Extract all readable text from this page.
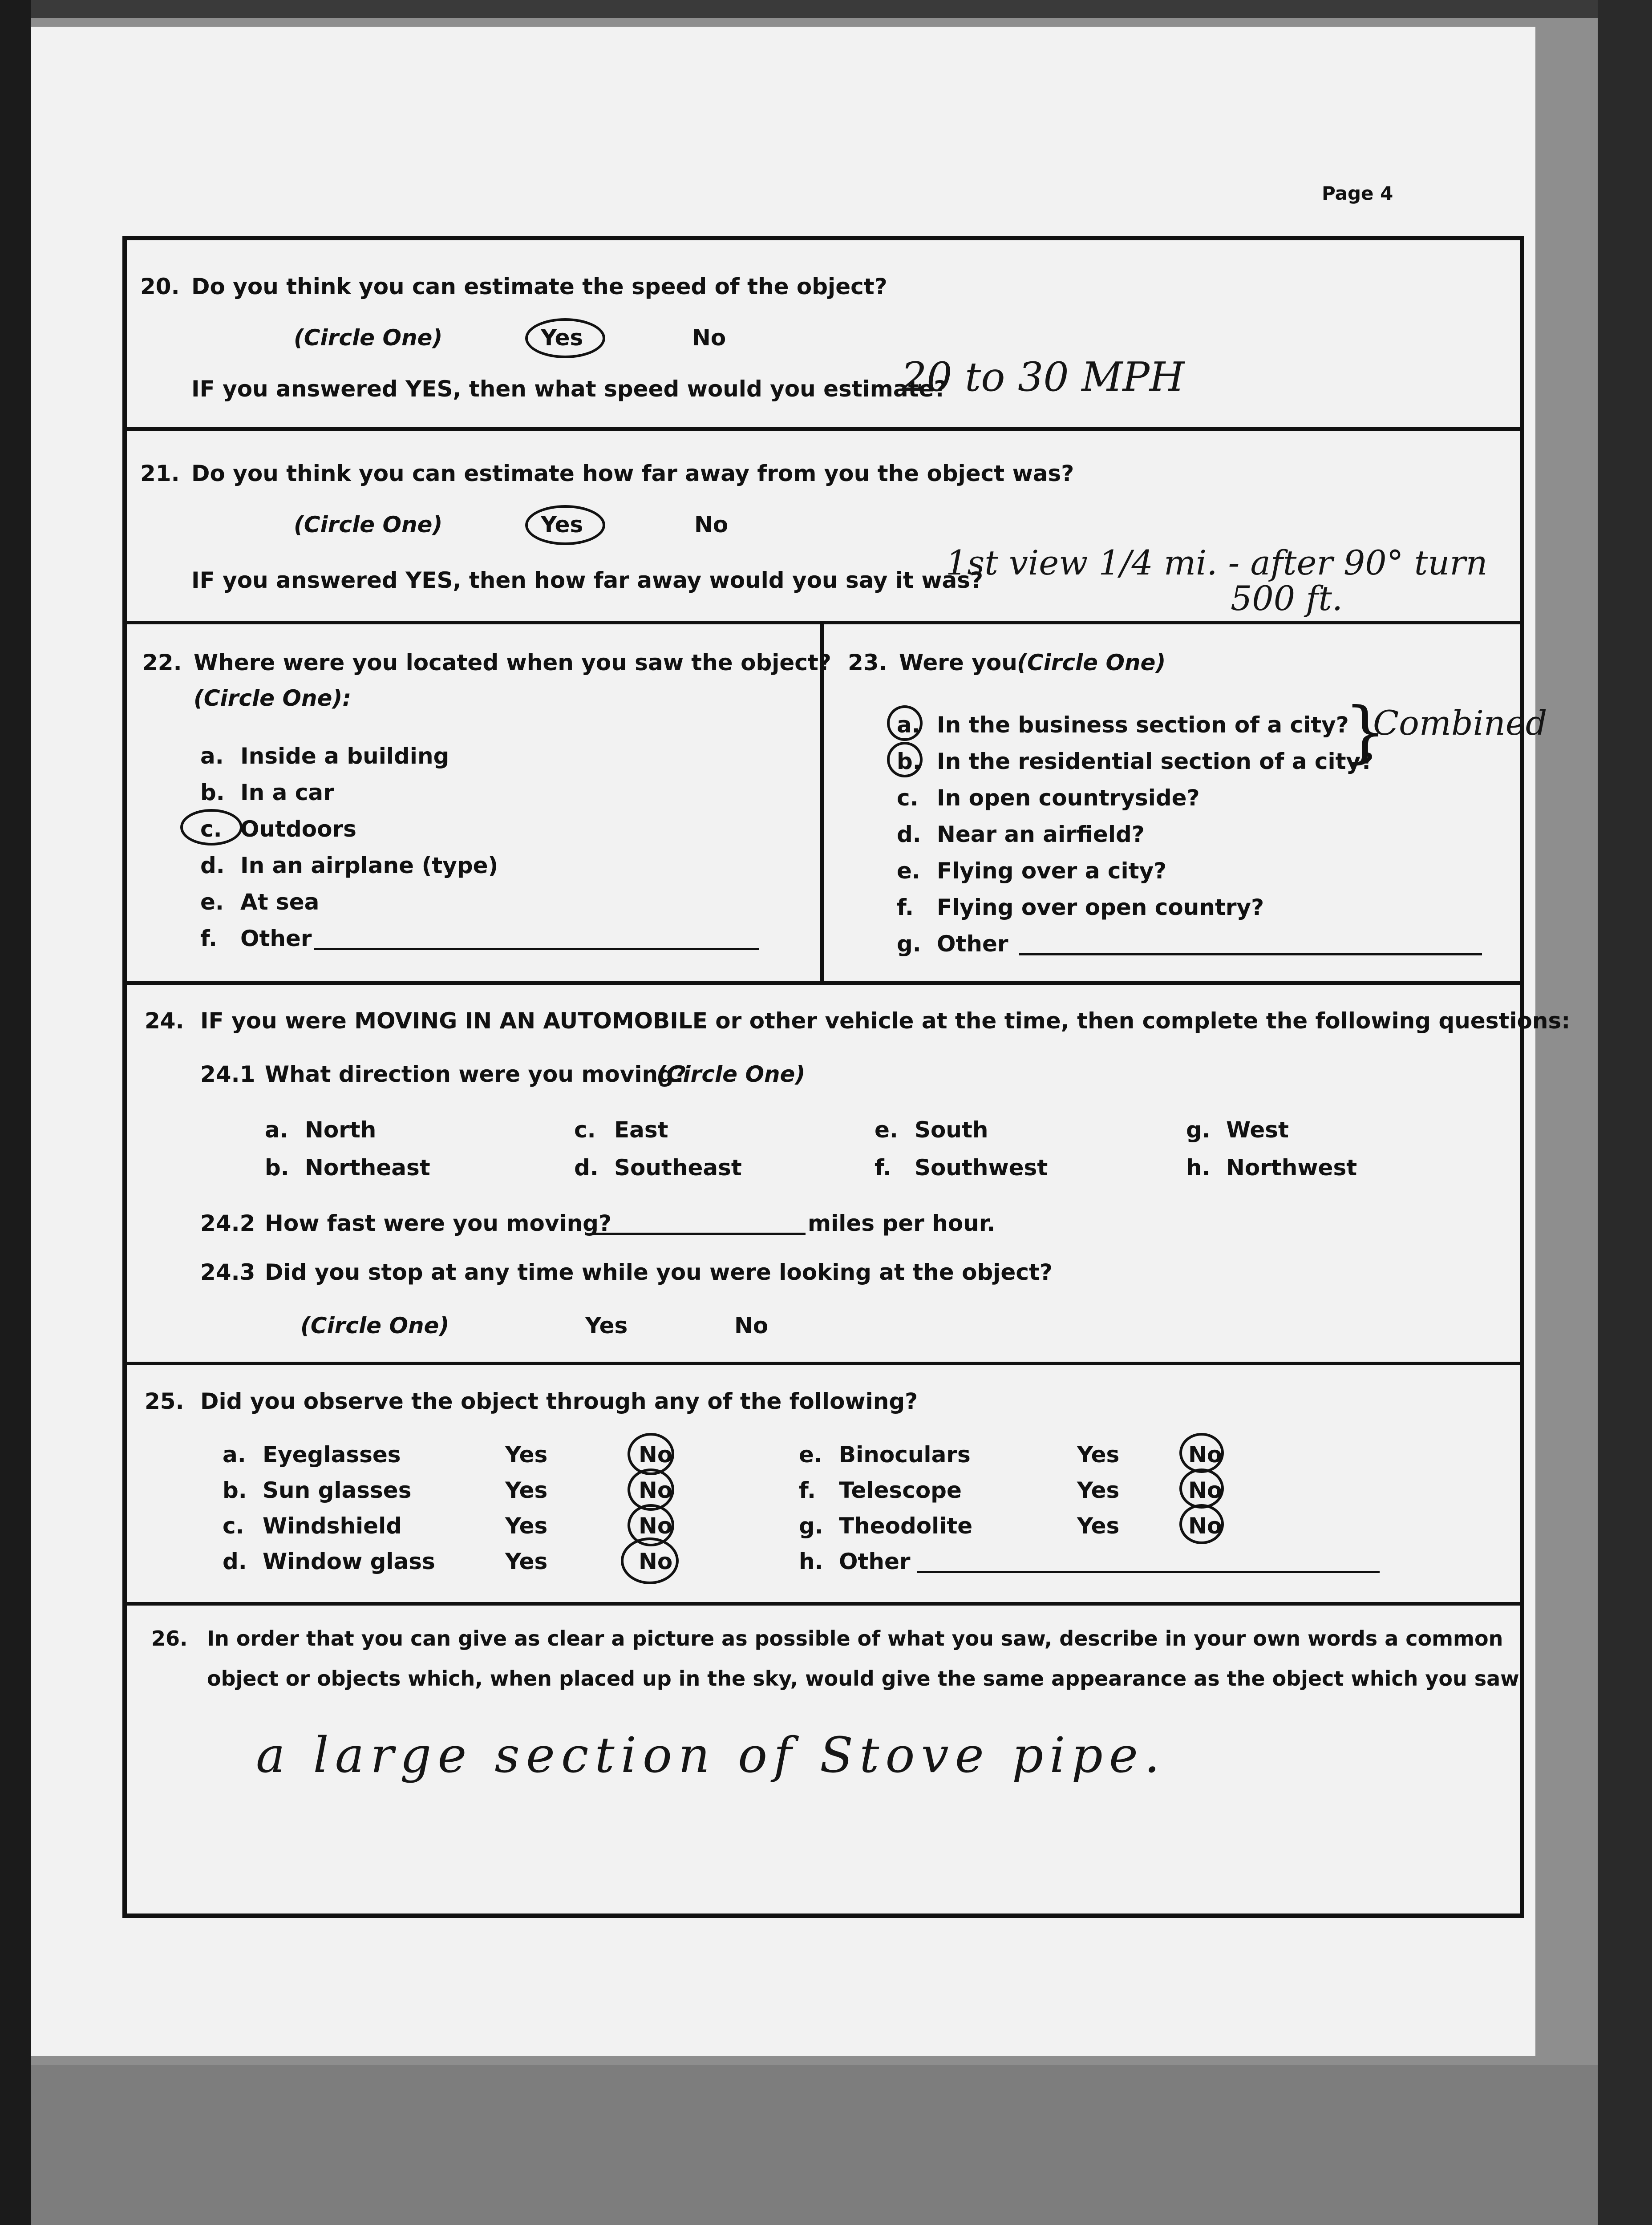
Page 4
20. Do you think you can estimate the speed of the object?
(Circle One)	Yes	No
IF you answered YES, then what speed would you estimate?
20 to 30 MPH
21. Do you think you can estimate how far away from you the object was?
(Circle One)	Yes	No
IF you answered YES, then how far away would you say it was?
1st view 1/4 mi. - after 90° turn
500 ft.
22. Where were you located when you saw the object?
(Circle One):
a. Inside a building
b. In a car
c. Outdoors
d. In an airplane (type)
e. At sea
f. Other
23. Were you (Circle One)
a. In the business section of a city?
b. In the residential section of a city?
}
Combined
c. In open countryside?
d. Near an airfield?
e. Flying over a city?
f. Flying over open country?
g. Other
24. IF you were MOVING IN AN AUTOMOBILE or other vehicle at the time, then complete the following questions:
24.1 What direction were you moving?
(Circle One)
a. North	c. East	e. South	g. West
b. Northeast	d. Southeast	f. Southwest	h. Northwest
24.2 How fast were you moving?	miles per hour.
24.3 Did you stop at any time while you were looking at the object?
(Circle One)	Yes	No
25. Did you observe the object through any of the following?
a. Eyeglasses	Yes	No
b. Sun glasses	Yes	No
c. Windshield	Yes	No
d. Window glass	Yes	No
e. Binoculars	Yes	No
f. Telescope	Yes	No
g. Theodolite	Yes	No
h. Other
26. In order that you can give as clear a picture as possible of what you saw, describe in your own words a common
object or objects which, when placed up in the sky, would give the same appearance as the object which you saw.
a large section of Stove pipe.
